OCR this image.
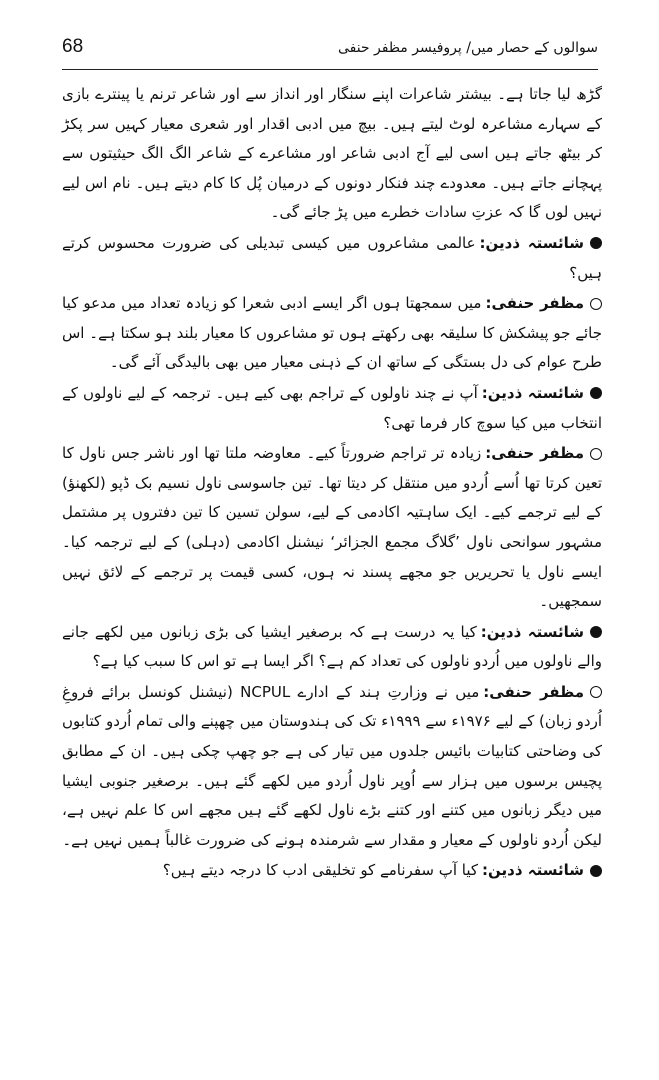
68	سوالوں کے حصار میں/ پروفیسر مظفر حنفی

گڑھ لیا جاتا ہے۔ بیشتر شاعرات اپنے سنگار اور انداز سے اور شاعر ترنم یا پینترے بازی کے سہارے مشاعرہ لوٹ لیتے ہیں۔ بیچ میں ادبی اقدار اور شعری معیار کہیں سر پکڑ کر بیٹھ جاتے ہیں اسی لیے آج ادبی شاعر اور مشاعرے کے شاعر الگ الگ حیثیتوں سے پہچانے جاتے ہیں۔ معدودے چند فنکار دونوں کے درمیان پُل کا کام دیتے ہیں۔ نام اس لیے نہیں لوں گا کہ عزتِ سادات خطرے میں پڑ جائے گی۔

شائستہ ذدین:عالمی مشاعروں میں کیسی تبدیلی کی ضرورت محسوس کرتے ہیں؟

مظفر حنفی:میں سمجھتا ہوں اگر ایسے ادبی شعرا کو زیادہ تعداد میں مدعو کیا جائے جو پیشکش کا سلیقہ بھی رکھتے ہوں تو مشاعروں کا معیار بلند ہو سکتا ہے۔ اس طرح عوام کی دل بستگی کے ساتھ ان کے ذہنی معیار میں بھی بالیدگی آئے گی۔

شائستہ ذدین:آپ نے چند ناولوں کے تراجم بھی کیے ہیں۔ ترجمہ کے لیے ناولوں کے انتخاب میں کیا سوچ کار فرما تھی؟

مظفر حنفی:زیادہ تر تراجم ضرورتاً کیے۔ معاوضہ ملتا تھا اور ناشر جس ناول کا تعین کرتا تھا اُسے اُردو میں منتقل کر دیتا تھا۔ تین جاسوسی ناول نسیم بک ڈپو (لکھنؤ) کے لیے ترجمے کیے۔ ایک ساہتیہ اکادمی کے لیے، سولن تسین کا تین دفتروں پر مشتمل مشہور سوانحی ناول ’گلاگ مجمع الجزائر‘ نیشنل اکادمی (دہلی) کے لیے ترجمہ کیا۔ ایسے ناول یا تحریریں جو مجھے پسند نہ ہوں، کسی قیمت پر ترجمے کے لائق نہیں سمجھیں۔

شائستہ ذدین:کیا یہ درست ہے کہ برصغیر ایشیا کی بڑی زبانوں میں لکھے جانے والے ناولوں میں اُردو ناولوں کی تعداد کم ہے؟ اگر ایسا ہے تو اس کا سبب کیا ہے؟

مظفر حنفی:میں نے وزارتِ ہند کے ادارے NCPUL (نیشنل کونسل برائے فروغِ اُردو زبان) کے لیے ۱۹۷۶ء سے ۱۹۹۹ء تک کی ہندوستان میں چھپنے والی تمام اُردو کتابوں کی وضاحتی کتابیات بائیس جلدوں میں تیار کی ہے جو چھپ چکی ہیں۔ ان کے مطابق پچیس برسوں میں ہزار سے اُوپر ناول اُردو میں لکھے گئے ہیں۔ برصغیر جنوبی ایشیا میں دیگر زبانوں میں کتنے اور کتنے بڑے ناول لکھے گئے ہیں مجھے اس کا علم نہیں ہے، لیکن اُردو ناولوں کے معیار و مقدار سے شرمندہ ہونے کی ضرورت غالباً ہمیں نہیں ہے۔

شائستہ ذدین:کیا آپ سفرنامے کو تخلیقی ادب کا درجہ دیتے ہیں؟
